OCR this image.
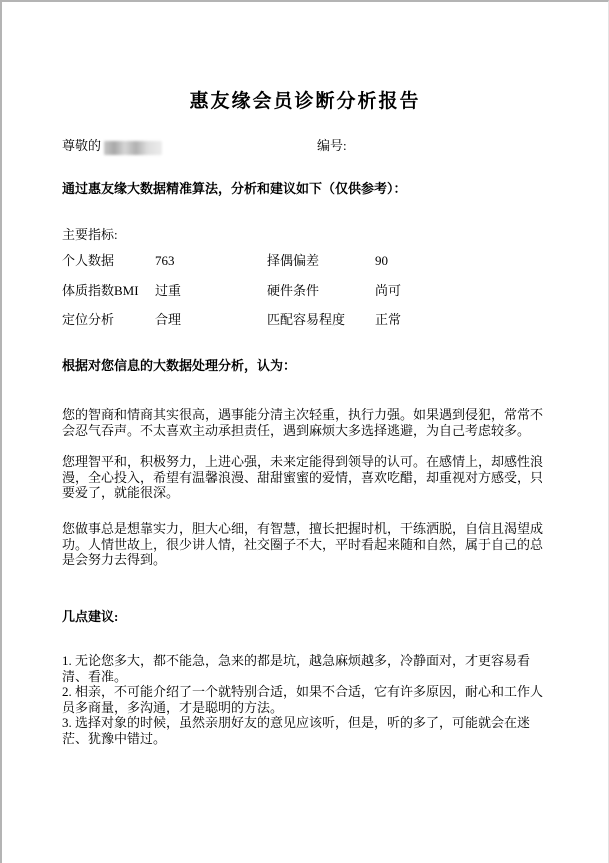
惠友缘会员诊断分析报告
尊敬的	编号:
通过惠友缘大数据精准算法，分析和建议如下（仅供参考）：
主要指标:
个人数据	763	择偶偏差	90
体质指数BMI 过重	硬件条件	尚可
定位分析	合理	匹配容易程度 正常
根据对您信息的大数据处理分析，认为：
您的智商和情商其实很高，遇事能分清主次轻重，执行力强。如果遇到侵犯，常常不会忍气吞声。不太喜欢主动承担责任，遇到麻烦大多选择逃避，为自己考虑较多。
您理智平和，积极努力，上进心强，未来定能得到领导的认可。在感情上，却感性浪漫，全心投入，希望有温馨浪漫、甜甜蜜蜜的爱情，喜欢吃醋，却重视对方感受，只要爱了，就能很深。
您做事总是想靠实力，胆大心细，有智慧，擅长把握时机，干练洒脱，自信且渴望成功。人情世故上，很少讲人情，社交圈子不大，平时看起来随和自然，属于自己的总是会努力去得到。
几点建议:
1. 无论您多大，都不能急，急来的都是坑，越急麻烦越多，冷静面对，才更容易看清、看准。
2. 相亲，不可能介绍了一个就特别合适，如果不合适，它有许多原因，耐心和工作人员多商量，多沟通，才是聪明的方法。
3. 选择对象的时候，虽然亲朋好友的意见应该听，但是，听的多了，可能就会在迷茫、犹豫中错过。
